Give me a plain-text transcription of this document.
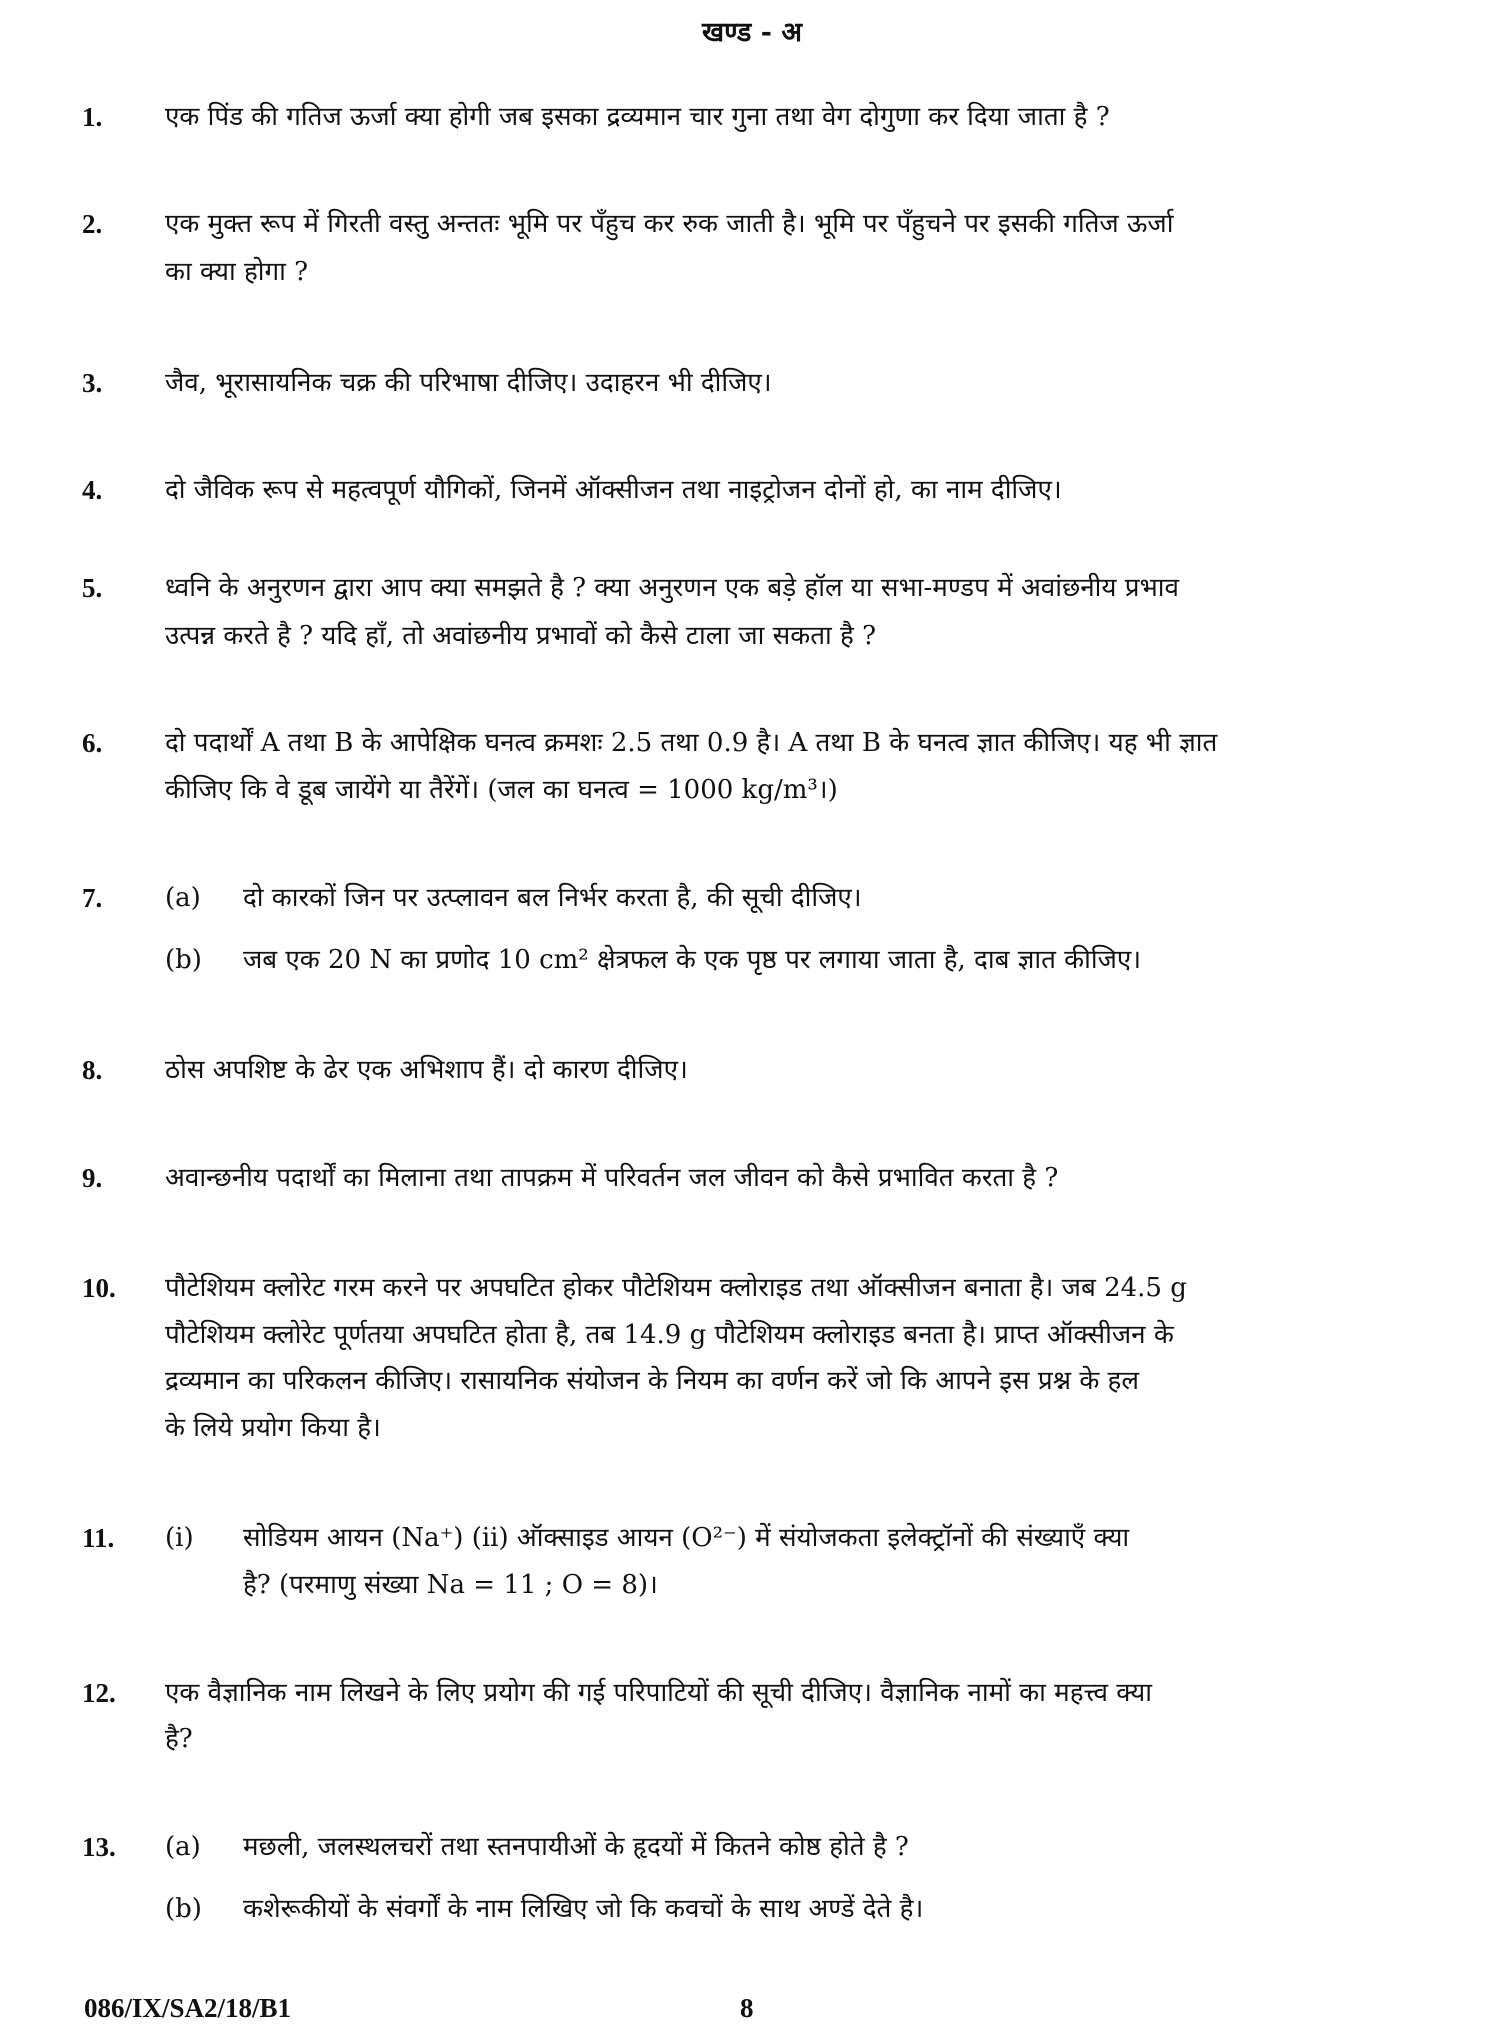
खण्ड - अ
1. एक पिंड की गतिज ऊर्जा क्या होगी जब इसका द्रव्यमान चार गुना तथा वेग दोगुणा कर दिया जाता है ?
2. एक मुक्त रूप में गिरती वस्तु अन्ततः भूमि पर पँहुच कर रुक जाती है। भूमि पर पँहुचने पर इसकी गतिज ऊर्जा
का क्या होगा ?
3. जैव, भूरासायनिक चक्र की परिभाषा दीजिए। उदाहरन भी दीजिए।
4. दो जैविक रूप से महत्वपूर्ण यौगिकों, जिनमें ऑक्सीजन तथा नाइट्रोजन दोनों हो, का नाम दीजिए।
5. ध्वनि के अनुरणन द्वारा आप क्या समझते है ? क्या अनुरणन एक बड़े हॉल या सभा-मण्डप में अवांछनीय प्रभाव
उत्पन्न करते है ? यदि हाँ, तो अवांछनीय प्रभावों को कैसे टाला जा सकता है ?
6. दो पदार्थों A तथा B के आपेक्षिक घनत्व क्रमशः 2.5 तथा 0.9 है। A तथा B के घनत्व ज्ञात कीजिए। यह भी ज्ञात
कीजिए कि वे डूब जायेंगे या तैरेंगें। (जल का घनत्व = 1000 kg/m³।)
7. (a) दो कारकों जिन पर उत्प्लावन बल निर्भर करता है, की सूची दीजिए।
(b) जब एक 20 N का प्रणोद 10 cm² क्षेत्रफल के एक पृष्ठ पर लगाया जाता है, दाब ज्ञात कीजिए।
8. ठोस अपशिष्ट के ढेर एक अभिशाप हैं। दो कारण दीजिए।
9. अवान्छनीय पदार्थों का मिलाना तथा तापक्रम में परिवर्तन जल जीवन को कैसे प्रभावित करता है ?
10. पौटेशियम क्लोरेट गरम करने पर अपघटित होकर पौटेशियम क्लोराइड तथा ऑक्सीजन बनाता है। जब 24.5 g
पौटेशियम क्लोरेट पूर्णतया अपघटित होता है, तब 14.9 g पौटेशियम क्लोराइड बनता है। प्राप्त ऑक्सीजन के
द्रव्यमान का परिकलन कीजिए। रासायनिक संयोजन के नियम का वर्णन करें जो कि आपने इस प्रश्न के हल
के लिये प्रयोग किया है।
11. (i) सोडियम आयन (Na⁺) (ii) ऑक्साइड आयन (O²⁻) में संयोजकता इलेक्ट्रॉनों की संख्याएँ क्या
है? (परमाणु संख्या Na = 11 ; O = 8)।
12. एक वैज्ञानिक नाम लिखने के लिए प्रयोग की गई परिपाटियों की सूची दीजिए। वैज्ञानिक नामों का महत्त्व क्या
है?
13. (a) मछली, जलस्थलचरों तथा स्तनपायीओं के हृदयों में कितने कोष्ठ होते है ?
(b) कशेरूकीयों के संवर्गों के नाम लिखिए जो कि कवचों के साथ अण्डें देते है।
086/IX/SA2/18/B1	8
